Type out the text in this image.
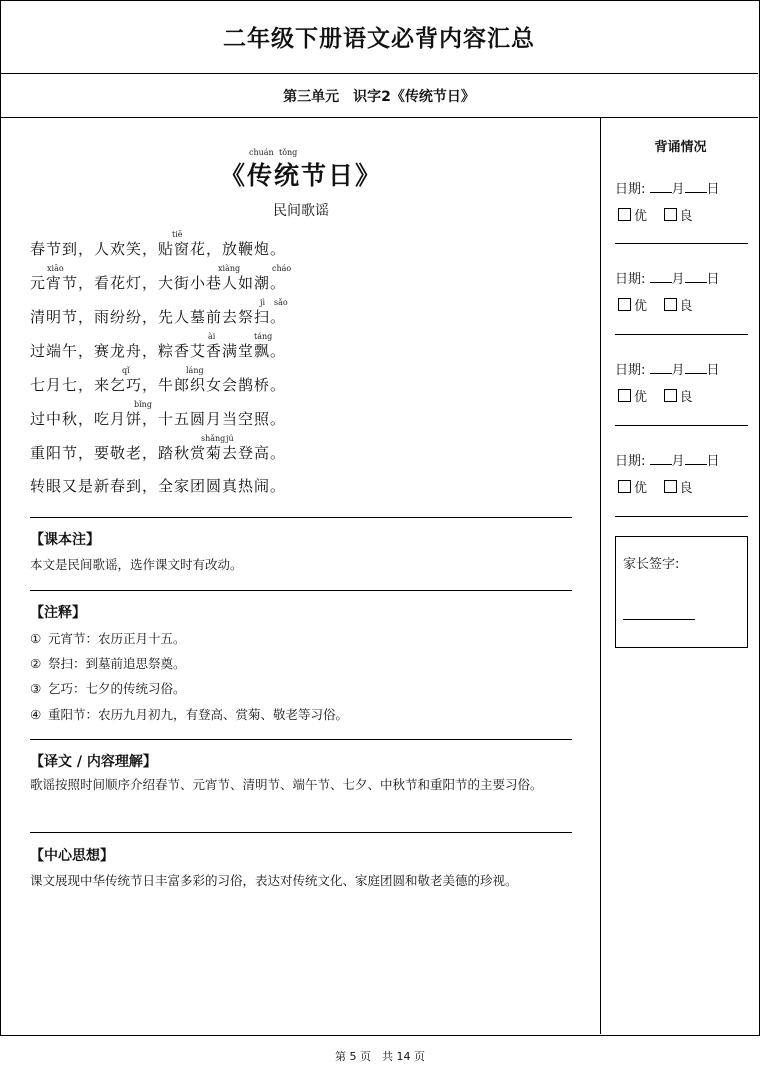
二年级下册语文必背内容汇总
第三单元　识字2《传统节日》
chuán tǒng
《传统节日》
民间歌谣
tiē
春节到，人欢笑，贴窗花，放鞭炮。
xiāo	xiàng	cháo
元宵节，看花灯，大街小巷人如潮。
jì sǎo
清明节，雨纷纷，先人墓前去祭扫。
ài	táng
过端午，赛龙舟，粽香艾香满堂飘。
qǐ	láng
七月七，来乞巧，牛郎织女会鹊桥。
bǐng
过中秋，吃月饼，十五圆月当空照。
shǎng jú
重阳节，要敬老，踏秋赏菊去登高。
转眼又是新春到，全家团圆真热闹。
【课本注】
本文是民间歌谣，选作课文时有改动。
【注释】
① 元宵节：农历正月十五。
② 祭扫：到墓前追思祭奠。
③ 乞巧：七夕的传统习俗。
④ 重阳节：农历九月初九，有登高、赏菊、敬老等习俗。
【译文 / 内容理解】
歌谣按照时间顺序介绍春节、元宵节、清明节、端午节、七夕、中秋节和重阳节的主要习俗。
【中心思想】
课文展现中华传统节日丰富多彩的习俗，表达对传统文化、家庭团圆和敬老美德的珍视。
背诵情况
日期: 月 日
优	良
日期: 月 日
优	良
日期: 月 日
优	良
日期: 月 日
优	良
家长签字:
第 5 页　共 14 页
